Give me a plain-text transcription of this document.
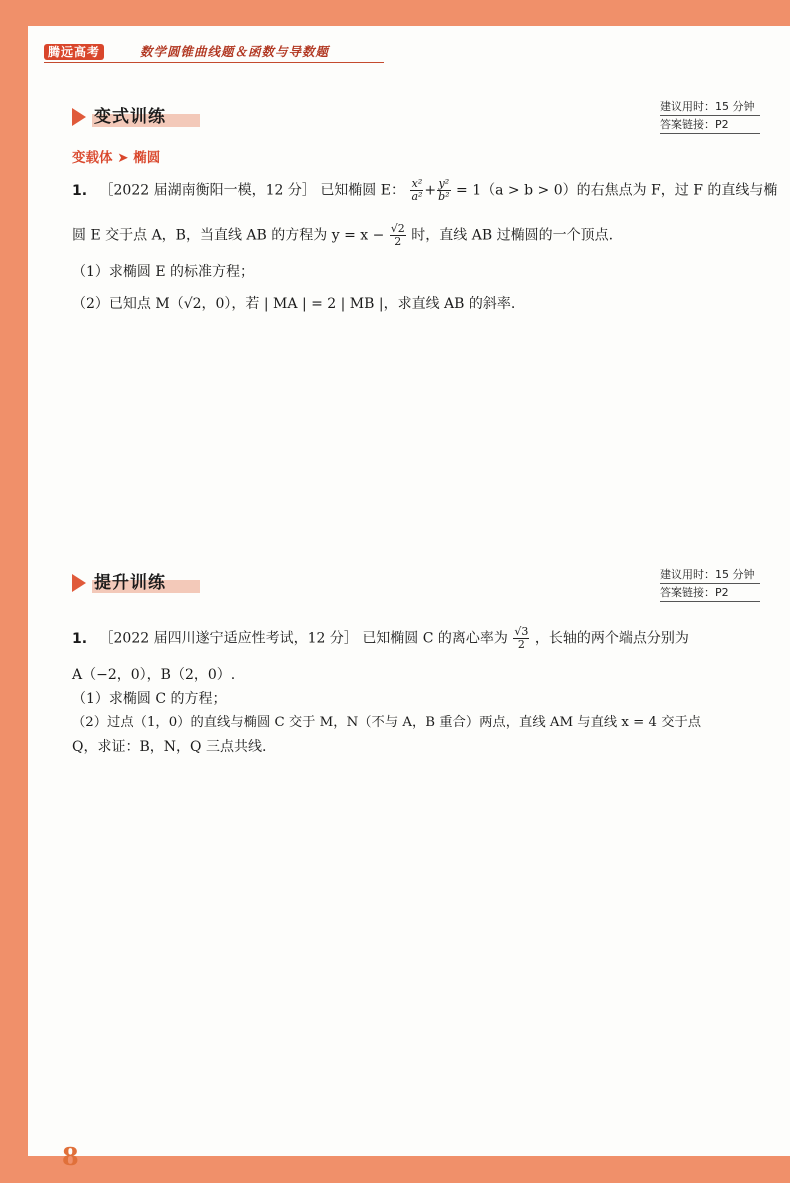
腾远高考	数学圆锥曲线题＆函数与导数题
变式训练
建议用时：15 分钟
答案链接：P2
变载体 ➤ 椭圆
1. ［2022 届湖南衡阳一模，12 分］ 已知椭圆 E： $\frac{\text{x²}}{\text{a²}} + \frac{\text{y²}}{\text{b²}} = 1(a > b > 0)$的右焦点为 F，过 F 的直线与椭
圆 E 交于点 A，B，当直线 AB 的方程为 $y = x - \frac{√2}{2}$ 时，直线 AB 过椭圆的一个顶点.
（1）求椭圆 E 的标准方程；
（2）已知点 M（√2，0），若 | MA | = 2 | MB |，求直线 AB 的斜率.
提升训练	建议用时：15 分钟
答案链接：P2
1. ［2022 届四川遂宁适应性考试，12 分］ 已知椭圆 C 的离心率为 $\frac{√3}{2}$ ，长轴的两个端点分别为
A（−2，0），B（2，0）.
（1）求椭圆 C 的方程；
（2）过点（1，0）的直线与椭圆 C 交于 M，N（不与 A，B 重合）两点，直线 AM 与直线 x = 4 交于点
Q，求证：B，N，Q 三点共线.
8
